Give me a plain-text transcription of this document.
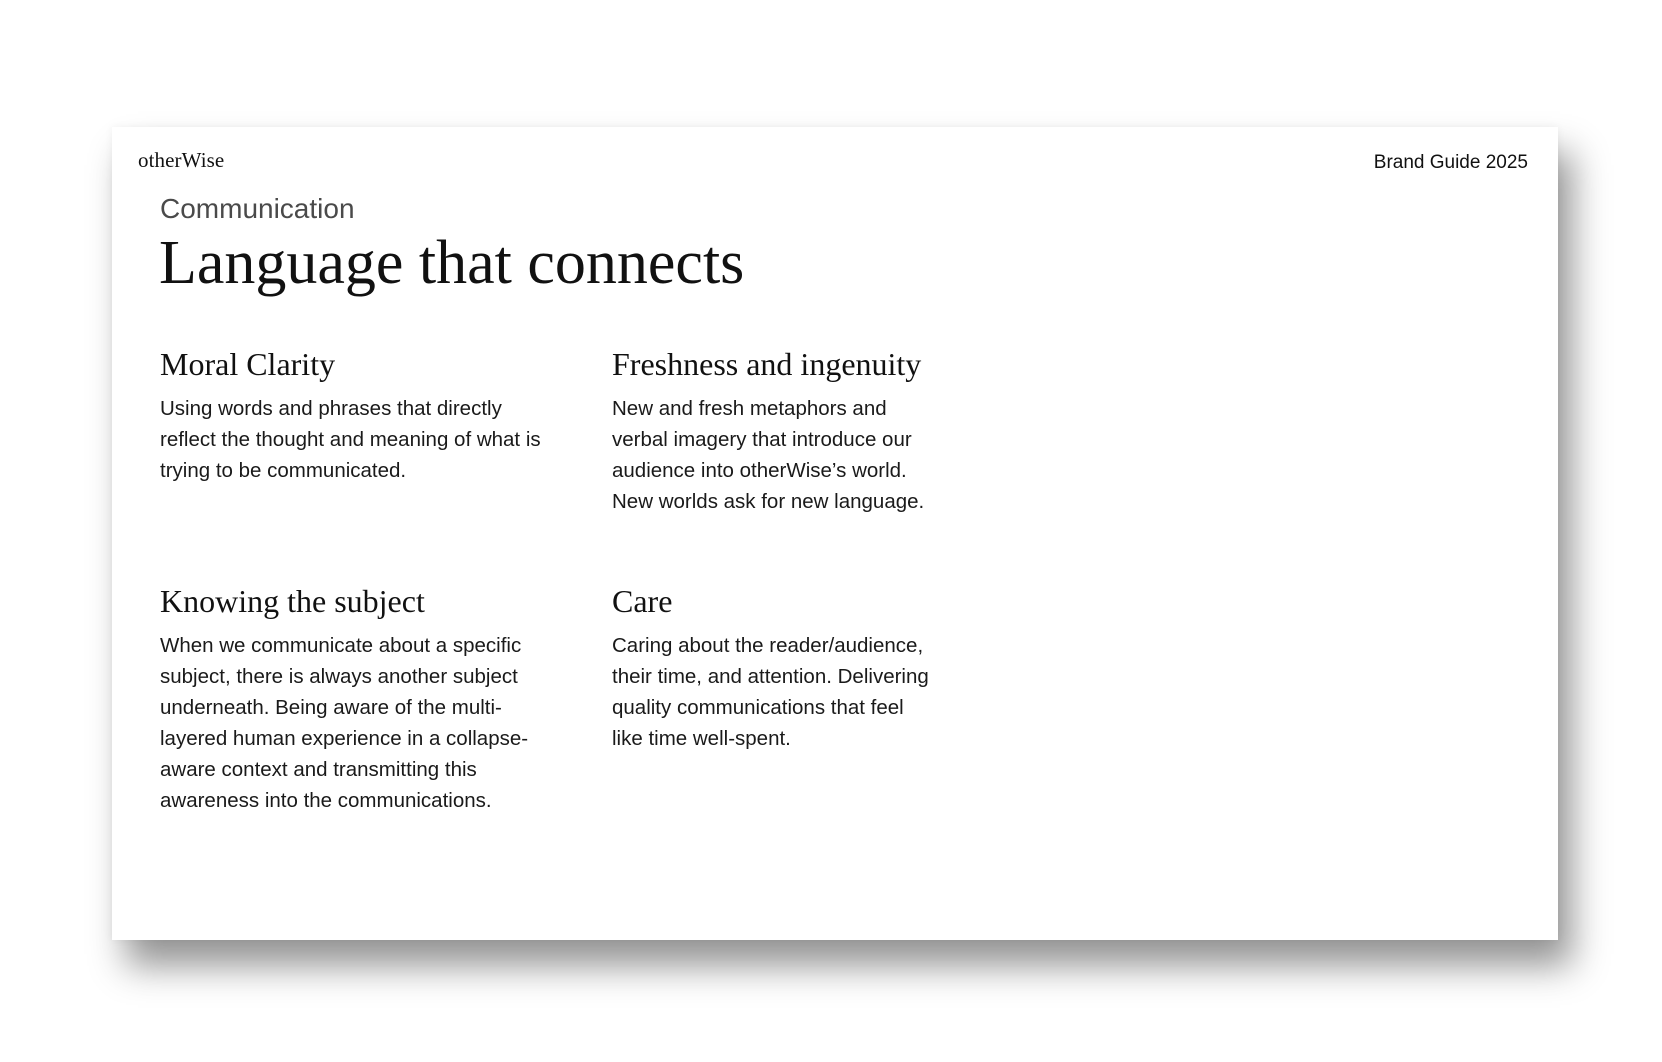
otherWise	Brand Guide 2025
Communication
Language that connects
Moral Clarity

Using words and phrases that directly reflect the thought and meaning of what is trying to be communicated.

Freshness and ingenuity

New and fresh metaphors and verbal imagery that introduce our audience into otherWise’s world. New worlds ask for new language.

Knowing the subject

When we communicate about a specific subject, there is always another subject underneath. Being aware of the multi-layered human experience in a collapse-aware context and transmitting this awareness into the communications.

Care

Caring about the reader/audience, their time, and attention. Delivering quality communications that feel like time well-spent.
